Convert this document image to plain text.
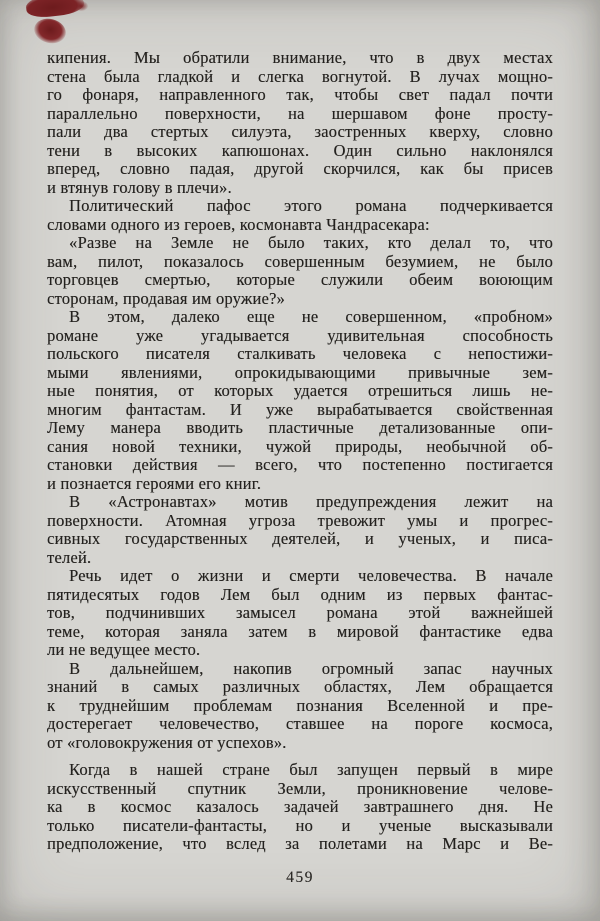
кипения. Мы обратили внимание, что в двух местах
стена была гладкой и слегка вогнутой. В лучах мощно-
го фонаря, направленного так, чтобы свет падал почти
параллельно поверхности, на шершавом фоне просту-
пали два стертых силуэта, заостренных кверху, словно
тени в высоких капюшонах. Один сильно наклонялся
вперед, словно падая, другой скорчился, как бы присев
и втянув голову в плечи».
Политический пафос этого романа подчеркивается
словами одного из героев, космонавта Чандрасекара:
«Разве на Земле не было таких, кто делал то, что
вам, пилот, показалось совершенным безумием, не было
торговцев смертью, которые служили обеим воюющим
сторонам, продавая им оружие?»
В этом, далеко еще не совершенном, «пробном»
романе уже угадывается удивительная способность
польского писателя сталкивать человека с непостижи-
мыми явлениями, опрокидывающими привычные зем-
ные понятия, от которых удается отрешиться лишь не-
многим фантастам. И уже вырабатывается свойственная
Лему манера вводить пластичные детализованные опи-
сания новой техники, чужой природы, необычной об-
становки действия — всего, что постепенно постигается
и познается героями его книг.
В «Астронавтах» мотив предупреждения лежит на
поверхности. Атомная угроза тревожит умы и прогрес-
сивных государственных деятелей, и ученых, и писа-
телей.
Речь идет о жизни и смерти человечества. В начале
пятидесятых годов Лем был одним из первых фантас-
тов, подчинивших замысел романа этой важнейшей
теме, которая заняла затем в мировой фантастике едва
ли не ведущее место.
В дальнейшем, накопив огромный запас научных
знаний в самых различных областях, Лем обращается
к труднейшим проблемам познания Вселенной и пре-
достерегает человечество, ставшее на пороге космоса,
от «головокружения от успехов».
Когда в нашей стране был запущен первый в мире
искусственный спутник Земли, проникновение челове-
ка в космос казалось задачей завтрашнего дня. Не
только писатели-фантасты, но и ученые высказывали
предположение, что вслед за полетами на Марс и Ве-
459
